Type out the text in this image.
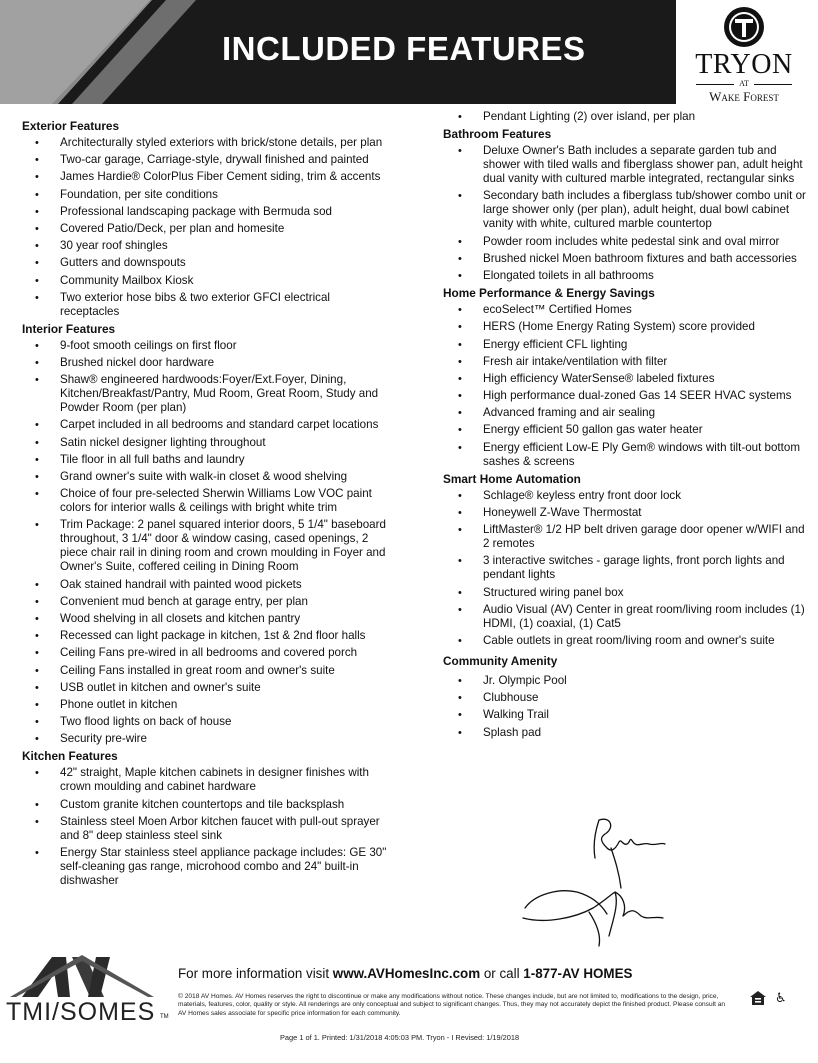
INCLUDED FEATURES	TRYON
AT
Wake Forest
Exterior Features
• Architecturally styled exteriors with brick/stone details, per plan
• Two-car garage, Carriage-style, drywall finished and painted
• James Hardie® ColorPlus Fiber Cement siding, trim & accents
• Foundation, per site conditions
• Professional landscaping package with Bermuda sod
• Covered Patio/Deck, per plan and homesite
• 30 year roof shingles
• Gutters and downspouts
• Community Mailbox Kiosk
• Two exterior hose bibs & two exterior GFCI electrical receptacles
Interior Features
• 9-foot smooth ceilings on first floor
• Brushed nickel door hardware
• Shaw® engineered hardwoods:Foyer/Ext.Foyer, Dining, Kitchen/Breakfast/Pantry, Mud Room, Great Room, Study and Powder Room (per plan)
• Carpet included in all bedrooms and standard carpet locations
• Satin nickel designer lighting throughout
• Tile floor in all full baths and laundry
• Grand owner's suite with walk-in closet & wood shelving
• Choice of four pre-selected Sherwin Williams Low VOC paint colors for interior walls & ceilings with bright white trim
• Trim Package: 2 panel squared interior doors, 5 1/4" baseboard throughout, 3 1/4" door & window casing, cased openings, 2 piece chair rail in dining room and crown moulding in Foyer and Owner's Suite, coffered ceiling in Dining Room
• Oak stained handrail with painted wood pickets
• Convenient mud bench at garage entry, per plan
• Wood shelving in all closets and kitchen pantry
• Recessed can light package in kitchen, 1st & 2nd floor halls
• Ceiling Fans pre-wired in all bedrooms and covered porch
• Ceiling Fans installed in great room and owner's suite
• USB outlet in kitchen and owner's suite
• Phone outlet in kitchen
• Two flood lights on back of house
• Security pre-wire
Kitchen Features
• 42" straight, Maple kitchen cabinets in designer finishes with crown moulding and cabinet hardware
• Custom granite kitchen countertops and tile backsplash
• Stainless steel Moen Arbor kitchen faucet with pull-out sprayer and 8" deep stainless steel sink
• Energy Star stainless steel appliance package includes: GE 30" self-cleaning gas range, microhood combo and 24" built-in dishwasher
• Pendant Lighting (2) over island, per plan
Bathroom Features
• Deluxe Owner's Bath includes a separate garden tub and shower with tiled walls and fiberglass shower pan, adult height dual vanity with cultured marble integrated, rectangular sinks
• Secondary bath includes a fiberglass tub/shower combo unit or large shower only (per plan), adult height, dual bowl cabinet vanity with white, cultured marble countertop
• Powder room includes white pedestal sink and oval mirror
• Brushed nickel Moen bathroom fixtures and bath accessories
• Elongated toilets in all bathrooms
Home Performance & Energy Savings
• ecoSelect™ Certified Homes
• HERS (Home Energy Rating System) score provided
• Energy efficient CFL lighting
• Fresh air intake/ventilation with filter
• High efficiency WaterSense® labeled fixtures
• High performance dual-zoned Gas 14 SEER HVAC systems
• Advanced framing and air sealing
• Energy efficient 50 gallon gas water heater
• Energy efficient Low-E Ply Gem® windows with tilt-out bottom sashes & screens
Smart Home Automation
• Schlage® keyless entry front door lock
• Honeywell Z-Wave Thermostat
• LiftMaster® 1/2 HP belt driven garage door opener w/WIFI and 2 remotes
• 3 interactive switches - garage lights, front porch lights and pendant lights
• Structured wiring panel box
• Audio Visual (AV) Center in great room/living room includes (1) HDMI, (1) coaxial, (1) Cat5
• Cable outlets in great room/living room and owner's suite
Community Amenity
• Jr. Olympic Pool
• Clubhouse
• Walking Trail
• Splash pad
TMI/SOMES TM
For more information visit www.AVHomesInc.com or call 1-877-AV HOMES
© 2018 AV Homes. AV Homes reserves the right to discontinue or make any modifications without notice. These changes include, but are not limited to, modifications to the design, price, materials, features, color, quality or style. All renderings are only conceptual and subject to significant changes. Thus, they may not accurately depict the finished product. Please consult an AV Homes sales associate for specific price information for each community.
♿
Page 1 of 1. Printed: 1/31/2018 4:05:03 PM. Tryon - I Revised: 1/19/2018
